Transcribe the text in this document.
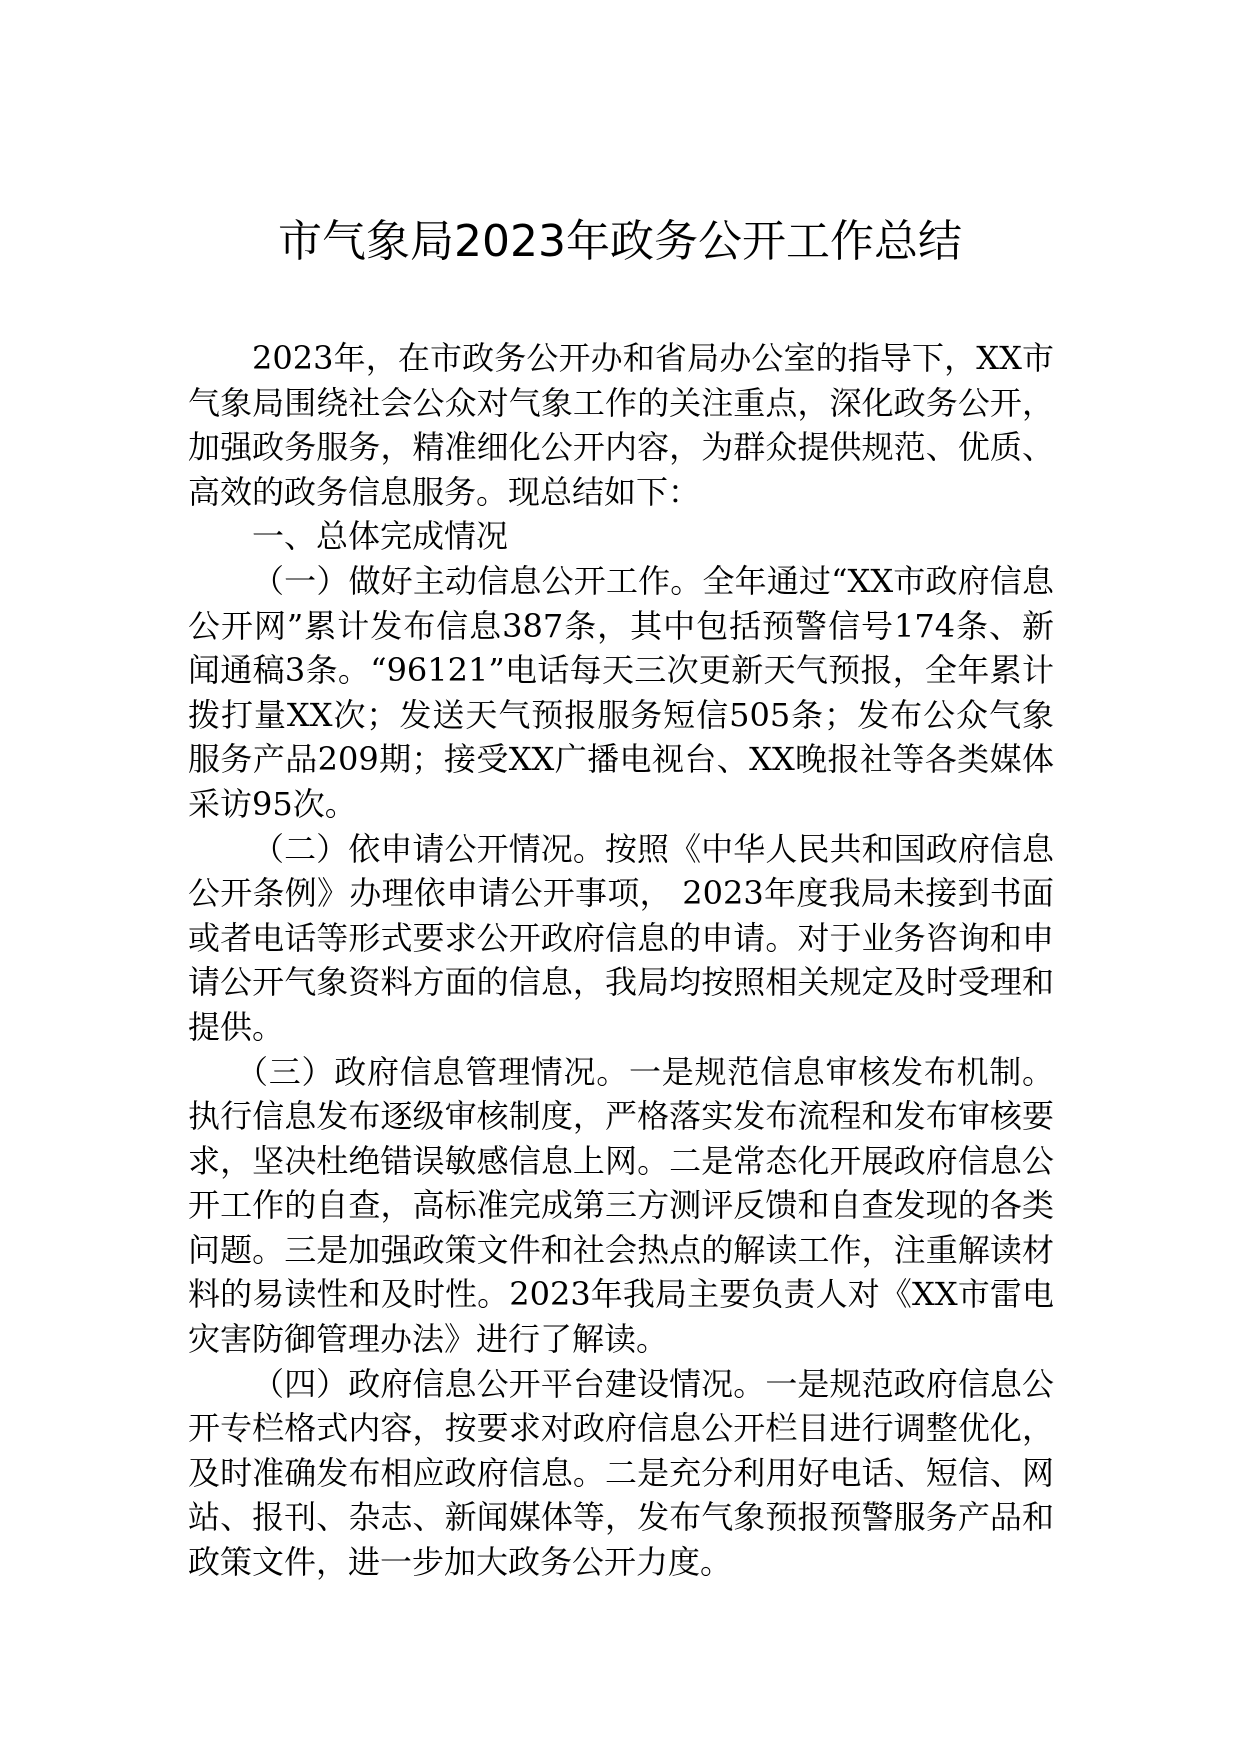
市气象局2023年政务公开工作总结

2023年，在市政务公开办和省局办公室的指导下，XX市气象局围绕社会公众对气象工作的关注重点，深化政务公开，加强政务服务，精准细化公开内容，为群众提供规范、优质、高效的政务信息服务。现总结如下：

一、总体完成情况

（一）做好主动信息公开工作。全年通过“XX市政府信息公开网”累计发布信息387条，其中包括预警信号174条、新闻通稿3条。“96121”电话每天三次更新天气预报，全年累计拨打量XX次；发送天气预报服务短信505条；发布公众气象服务产品209期；接受XX广播电视台、XX晚报社等各类媒体采访95次。

（二）依申请公开情况。按照《中华人民共和国政府信息公开条例》办理依申请公开事项， 2023年度我局未接到书面或者电话等形式要求公开政府信息的申请。对于业务咨询和申请公开气象资料方面的信息，我局均按照相关规定及时受理和提供。

（三）政府信息管理情况。一是规范信息审核发布机制。执行信息发布逐级审核制度，严格落实发布流程和发布审核要求，坚决杜绝错误敏感信息上网。二是常态化开展政府信息公开工作的自查，高标准完成第三方测评反馈和自查发现的各类问题。三是加强政策文件和社会热点的解读工作，注重解读材料的易读性和及时性。2023年我局主要负责人对《XX市雷电灾害防御管理办法》进行了解读。

（四）政府信息公开平台建设情况。一是规范政府信息公开专栏格式内容，按要求对政府信息公开栏目进行调整优化，及时准确发布相应政府信息。二是充分利用好电话、短信、网站、报刊、杂志、新闻媒体等，发布气象预报预警服务产品和政策文件，进一步加大政务公开力度。
